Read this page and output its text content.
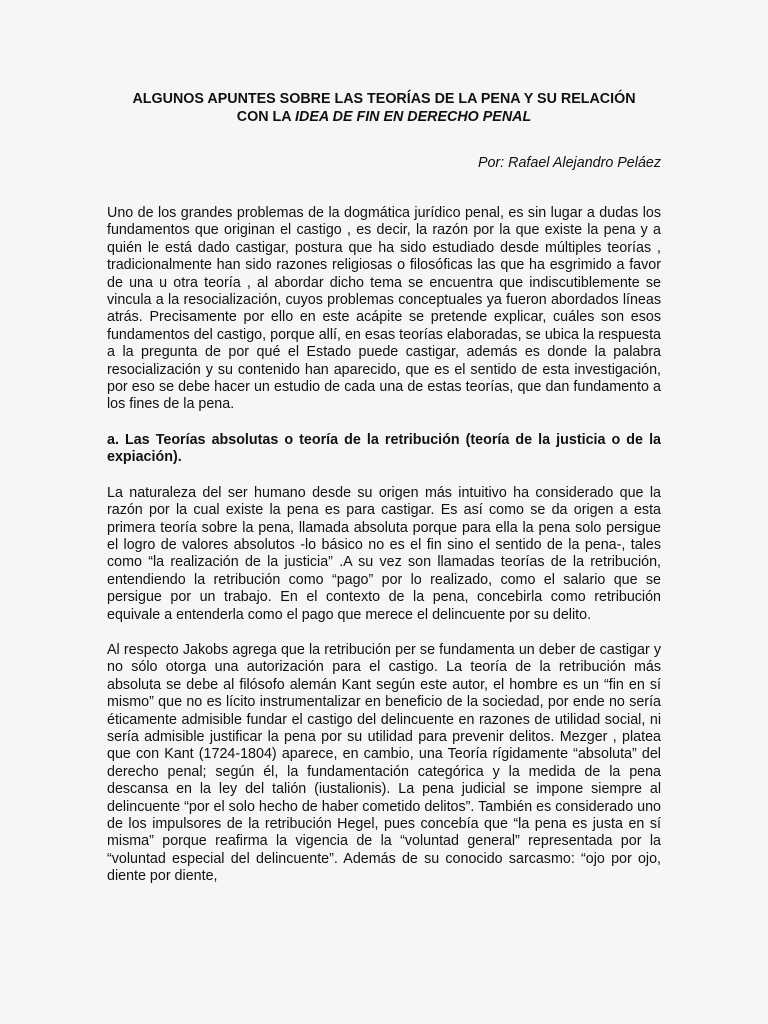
ALGUNOS APUNTES SOBRE LAS TEORÍAS DE LA PENA Y SU RELACIÓN
CON LA IDEA DE FIN EN DERECHO PENAL
Por: Rafael Alejandro Peláez

Uno de los grandes problemas de la dogmática jurídico penal, es sin lugar a dudas los fundamentos que originan el castigo , es decir, la razón por la que existe la pena y a quién le está dado castigar, postura que ha sido estudiado desde múltiples teorías , tradicionalmente han sido razones religiosas o filosóficas las que ha esgrimido a favor de una u otra teoría , al abordar dicho tema se encuentra que indiscutiblemente se vincula a la resocialización, cuyos problemas conceptuales ya fueron abordados líneas atrás. Precisamente por ello en este acápite se pretende explicar, cuáles son esos fundamentos del castigo, porque allí, en esas teorías elaboradas, se ubica la respuesta a la pregunta de por qué el Estado puede castigar, además es donde la palabra resocialización y su contenido han aparecido, que es el sentido de esta investigación, por eso se debe hacer un estudio de cada una de estas teorías, que dan fundamento a los fines de la pena.

a. Las Teorías absolutas o teoría de la retribución (teoría de la justicia o de la expiación).

La naturaleza del ser humano desde su origen más intuitivo ha considerado que la razón por la cual existe la pena es para castigar. Es así como se da origen a esta primera teoría sobre la pena, llamada absoluta porque para ella la pena solo persigue el logro de valores absolutos -lo básico no es el fin sino el sentido de la pena-, tales como “la realización de la justicia” .A su vez son llamadas teorías de la retribución, entendiendo la retribución como “pago” por lo realizado, como el salario que se persigue por un trabajo. En el contexto de la pena, concebirla como retribución equivale a entenderla como el pago que merece el delincuente por su delito.

Al respecto Jakobs agrega que la retribución per se fundamenta un deber de castigar y no sólo otorga una autorización para el castigo. La teoría de la retribución más absoluta se debe al filósofo alemán Kant según este autor, el hombre es un “fin en sí mismo” que no es lícito instrumentalizar en beneficio de la sociedad, por ende no sería éticamente admisible fundar el castigo del delincuente en razones de utilidad social, ni sería admisible justificar la pena por su utilidad para prevenir delitos. Mezger , platea que con Kant (1724-1804) aparece, en cambio, una Teoría rígidamente “absoluta” del derecho penal; según él, la fundamentación categórica y la medida de la pena descansa en la ley del talión (iustalionis). La pena judicial se impone siempre al delincuente “por el solo hecho de haber cometido delitos”. También es considerado uno de los impulsores de la retribución Hegel, pues concebía que “la pena es justa en sí misma” porque reafirma la vigencia de la “voluntad general” representada por la “voluntad especial del delincuente”. Además de su conocido sarcasmo: “ojo por ojo, diente por diente,
